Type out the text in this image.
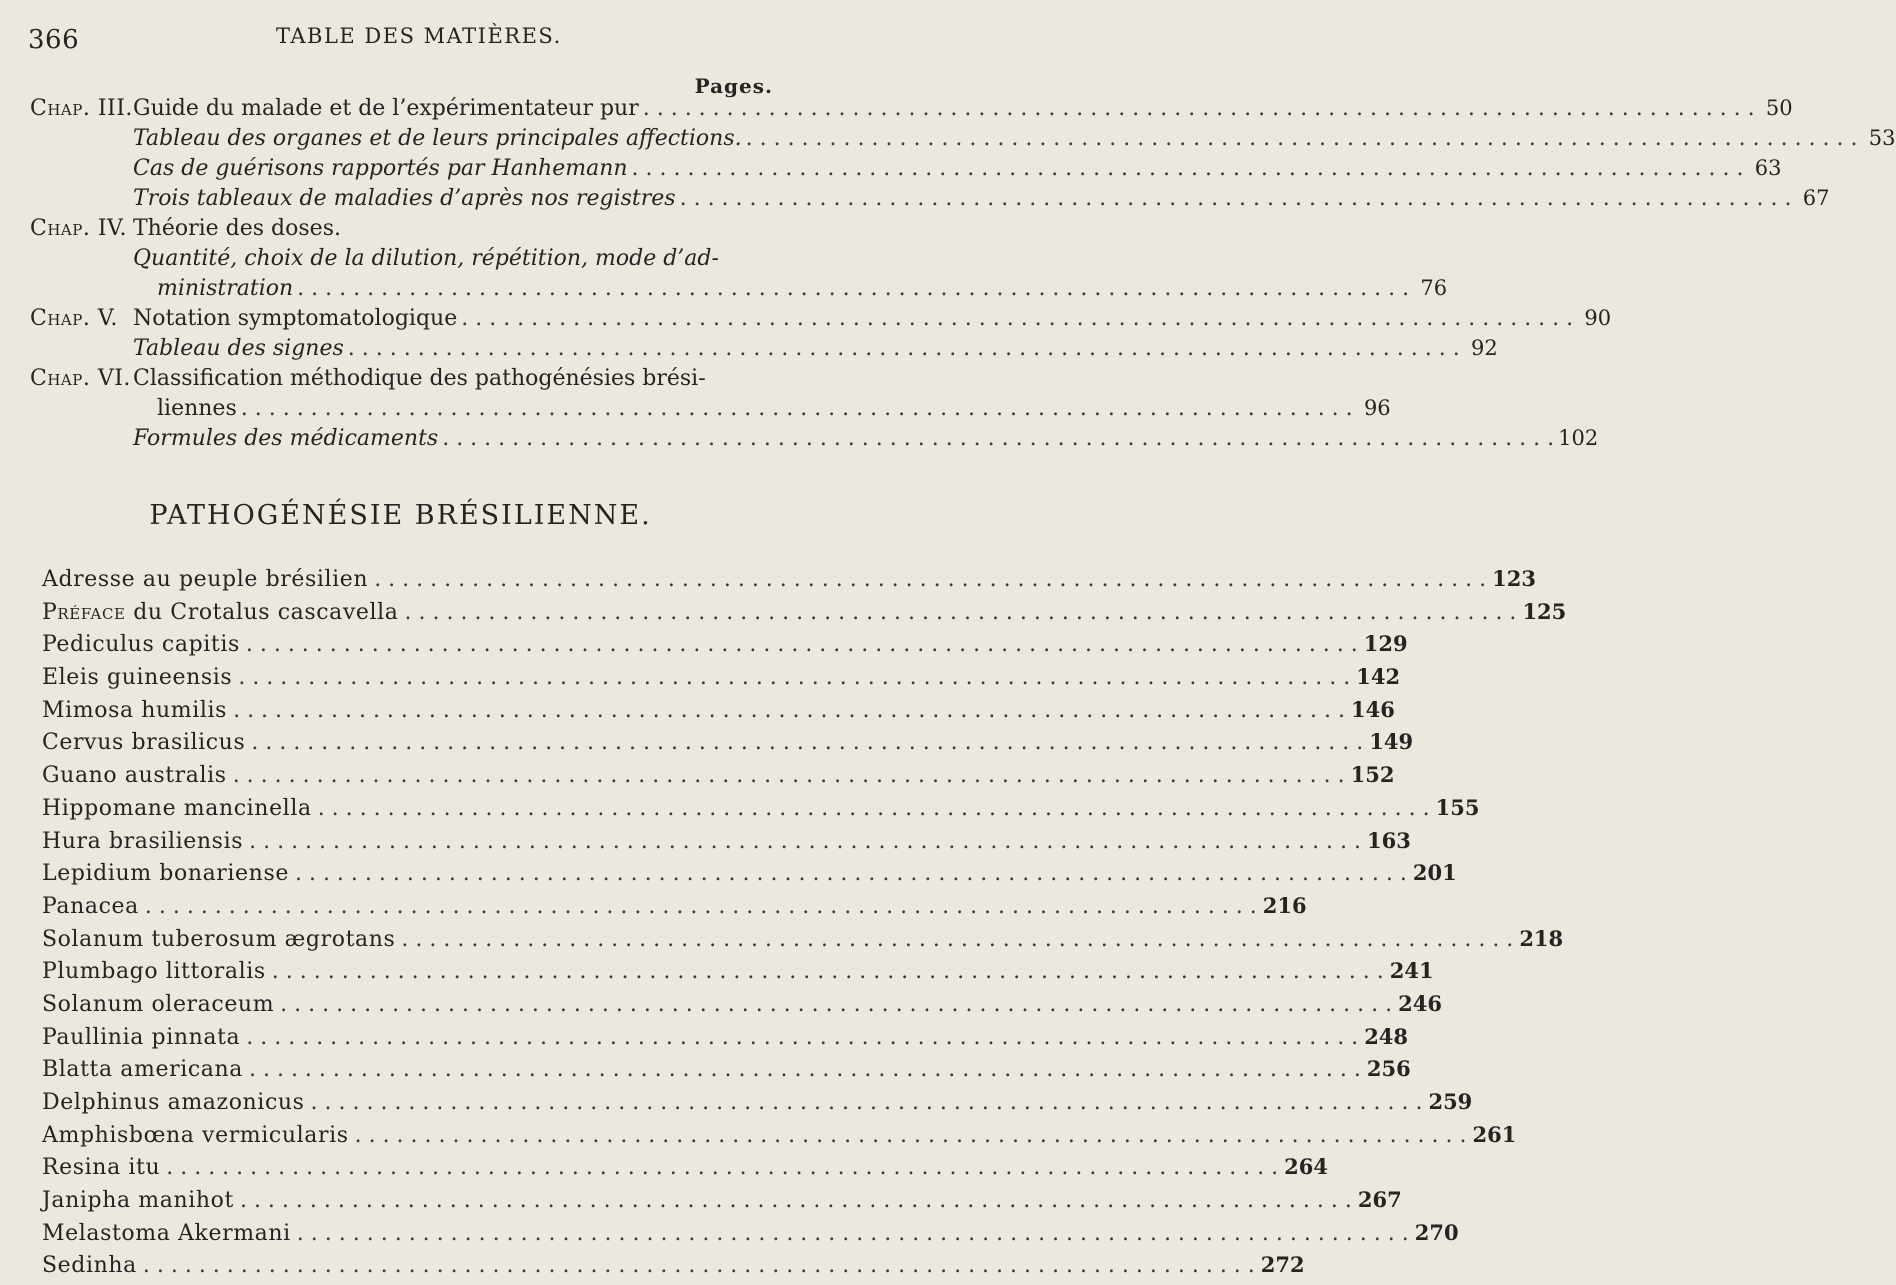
366	TABLE DES MATIÈRES.
Pages.
Chap. III. Guide du malade et de l’expérimentateur pur . . .	50
Tableau des organes et de leurs principales affections. . . .	53
Cas de guérisons rapportés par Hanhemann . . .	63
Trois tableaux de maladies d’après nos registres . . .	67
Chap. IV. Théorie des doses.
Quantité, choix de la dilution, répétition, mode d’ad-
ministration . . .	76
Chap. V. Notation symptomatologique . . .	90
Tableau des signes . . .	92
Chap. VI. Classification méthodique des pathogénésies brési-
liennes . . .	96
Formules des médicaments . . .	102
PATHOGÉNÉSIE BRÉSILIENNE.
Adresse au peuple brésilien . . .	123
Préface du Crotalus cascavella . . .	125
Pediculus capitis . . .	129
Eleis guineensis . . .	142
Mimosa humilis . . .	146
Cervus brasilicus . . .	149
Guano australis . . .	152
Hippomane mancinella . . .	155
Hura brasiliensis . . .	163
Lepidium bonariense . . .	201
Panacea . . .	216
Solanum tuberosum ægrotans . . .	218
Plumbago littoralis . . .	241
Solanum oleraceum . . .	246
Paullinia pinnata . . .	248
Blatta americana . . .	256
Delphinus amazonicus . . .	259
Amphisbœna vermicularis . . .	261
Resina itu . . .	264
Janipha manihot . . .	267
Melastoma Akermani . . .	270
Sedinha . . .	272
